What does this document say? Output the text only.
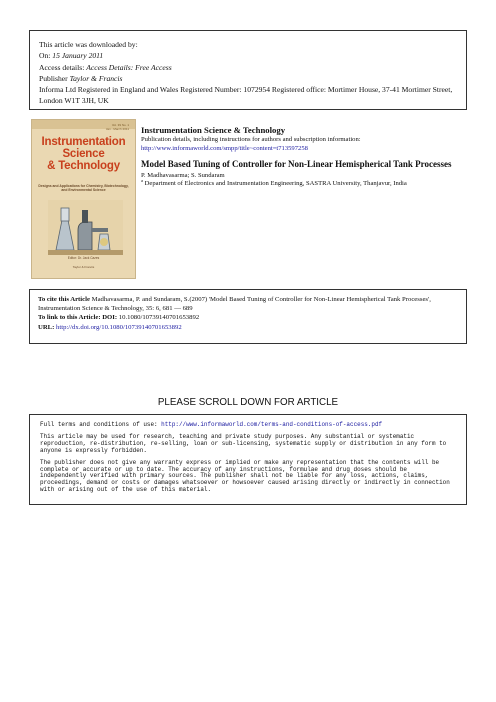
This article was downloaded by:
On: 15 January 2011
Access details: Access Details: Free Access
Publisher Taylor & Francis
Informa Ltd Registered in England and Wales Registered Number: 1072954 Registered office: Mortimer House, 37-41 Mortimer Street, London W1T 3JH, UK
Vol. 39 No. 1
Jan - March 2011
Instrumentation
Science
& Technology
Designs and Applications for Chemistry, Biotechnology, and Environmental Science
Editor: Dr. Jack Cazes
Taylor & Francis
Instrumentation Science & Technology
Publication details, including instructions for authors and subscription information:
http://www.informaworld.com/smpp/title~content=t713597258
Model Based Tuning of Controller for Non-Linear Hemispherical Tank Processes
P. Madhavasarma; S. Sundaram
$^a$ Department of Electronics and Instrumentation Engineering, SASTRA University, Thanjavur, India
To cite this Article Madhavasarma, P. and Sundaram, S.(2007) 'Model Based Tuning of Controller for Non-Linear Hemispherical Tank Processes', Instrumentation Science & Technology, 35: 6, 681 — 689
To link to this Article: DOI: 10.1080/10739140701653892
URL: http://dx.doi.org/10.1080/10739140701653892
PLEASE SCROLL DOWN FOR ARTICLE

Full terms and conditions of use: http://www.informaworld.com/terms-and-conditions-of-access.pdf

This article may be used for research, teaching and private study purposes. Any substantial or systematic reproduction, re-distribution, re-selling, loan or sub-licensing, systematic supply or distribution in any form to anyone is expressly forbidden.

The publisher does not give any warranty express or implied or make any representation that the contents will be complete or accurate or up to date. The accuracy of any instructions, formulae and drug doses should be independently verified with primary sources. The publisher shall not be liable for any loss, actions, claims, proceedings, demand or costs or damages whatsoever or howsoever caused arising directly or indirectly in connection with or arising out of the use of this material.
